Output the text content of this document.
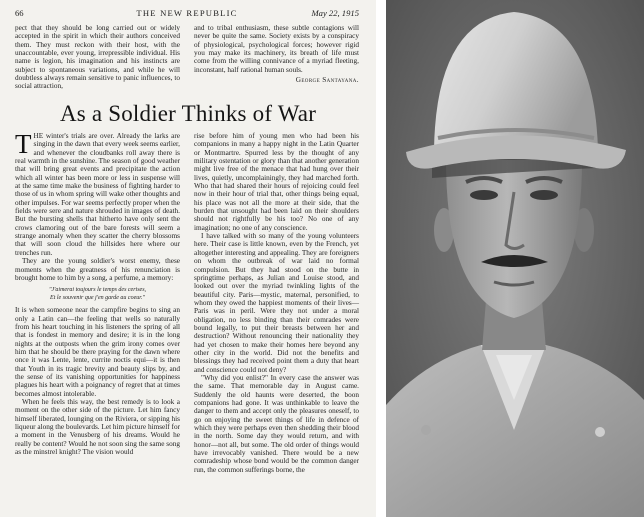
66	THE NEW REPUBLIC	May 22, 1915

pect that they should be long carried out or widely accepted in the spirit in which their authors conceived them. They must reckon with their host, with the unaccountable, ever young, irrepressible individual. His name is legion, his imagination and his instincts are subject to spontaneous variations, and while he will doubtless always remain sensitive to panic influences, to social attraction,

and to tribal enthusiasm, these subtle contagions will never be quite the same. Society exists by a conspiracy of physiological, psychological forces; however rigid you may make its machinery, its breath of life must come from the willing connivance of a myriad fleeting, inconstant, half rational human souls.

George Santayana.
As a Soldier Thinks of War

THE winter's trials are over. Already the larks are singing in the dawn that every week seems earlier, and whenever the cloudbanks roll away there is real warmth in the sunshine. The season of good weather that will bring great events and precipitate the action which all winter has been more or less in suspense will at the same time make the business of fighting harder to those of us in whom spring will wake other thoughts and other impulses. For war seems perfectly proper when the fields were sere and nature shrouded in images of death. But the bursting shells that hitherto have only sent the crows clamoring out of the bare forests will seem a strange anomaly when they scatter the cherry blossoms that will soon cloud the hillsides here where our trenches run.

They are the young soldier's worst enemy, these moments when the greatness of his renunciation is brought home to him by a song, a perfume, a memory:

"J'aimerai toujours le temps des cerises,
Et le souvenir que j'en garde au coeur."

It is when someone near the campfire begins to sing an only a Latin can—the feeling that wells so naturally from his heart touching in his listeners the spring of all that is fondest in memory and desire; it is in the long nights at the outposts when the grim irony comes over him that he should be there praying for the dawn where once it was Lente, lente, currite noctis equi—it is then that Youth in its tragic brevity and beauty slips by, and the sense of its vanishing opportunities for happiness plagues his heart with a poignancy of regret that at times becomes almost intolerable.

When he feels this way, the best remedy is to look a moment on the other side of the picture. Let him fancy himself liberated, lounging on the Riviera, or sipping his liqueur along the boulevards. Let him picture himself for a moment in the Venusberg of his dreams. Would he really be content? Would he not soon sing the same song as the minstrel knight? The vision would

rise before him of young men who had been his companions in many a happy night in the Latin Quarter or Montmartre. Spurred less by the thought of any military ostentation or glory than that another generation might live free of the menace that had hung over their lives, quietly, uncomplainingly, they had marched forth. Who that had shared their hours of rejoicing could feel now in their hour of trial that, other things being equal, his place was not all the more at their side, that the burden that unsought had been laid on their shoulders should not rightfully be his too? No one of any imagination; no one of any conscience.

I have talked with so many of the young volunteers here. Their case is little known, even by the French, yet altogether interesting and appealing. They are foreigners on whom the outbreak of war laid no formal compulsion. But they had stood on the butte in springtime perhaps, as Julian and Louise stood, and looked out over the myriad twinkling lights of the beautiful city. Paris—mystic, maternal, personified, to whom they owed the happiest moments of their lives—Paris was in peril. Were they not under a moral obligation, no less binding than their comrades were bound legally, to put their breasts between her and destruction? Without renouncing their nationality they had yet chosen to make their homes here beyond any other city in the world. Did not the benefits and blessings they had received point them a duty that heart and conscience could not deny?

"Why did you enlist?" In every case the answer was the same. That memorable day in August came. Suddenly the old haunts were deserted, the boon companions had gone. It was unthinkable to leave the danger to them and accept only the pleasures oneself, to go on enjoying the sweet things of life in defence of which they were perhaps even then shedding their blood in the north. Some day they would return, and with honor—not all, but some. The old order of things would have irrevocably vanished. There would be a new comradeship whose bond would be the common danger run, the common sufferings borne, the
